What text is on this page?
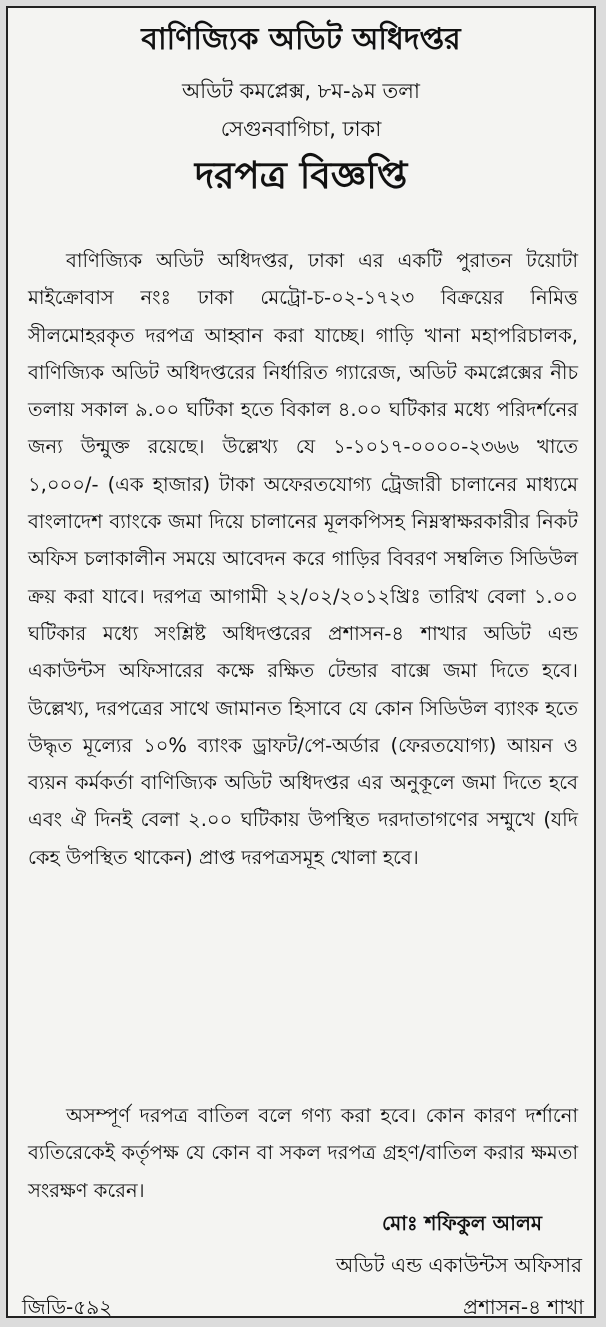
বাণিজ্যিক অডিট অধিদপ্তর
অডিট কমপ্লেক্স, ৮ম-৯ম তলা
সেগুনবাগিচা, ঢাকা
দরপত্র বিজ্ঞপ্তি
বাণিজ্যিক অডিট অধিদপ্তর, ঢাকা এর একটি পুরাতন টয়োটা মাইক্রোবাস নংঃ ঢাকা মেট্রো-চ-০২-১৭২৩ বিক্রয়ের নিমিত্ত সীলমোহরকৃত দরপত্র আহ্বান করা যাচ্ছে। গাড়ি খানা মহাপরিচালক, বাণিজ্যিক অডিট অধিদপ্তরের নির্ধারিত গ্যারেজ, অডিট কমপ্লেক্সের নীচ তলায় সকাল ৯.০০ ঘটিকা হতে বিকাল ৪.০০ ঘটিকার মধ্যে পরিদর্শনের জন্য উন্মুক্ত রয়েছে। উল্লেখ্য যে ১-১০১৭-০০০০-২৩৬৬ খাতে ১,০০০/- (এক হাজার) টাকা অফেরতযোগ্য ট্রেজারী চালানের মাধ্যমে বাংলাদেশ ব্যাংকে জমা দিয়ে চালানের মূলকপিসহ নিম্নস্বাক্ষরকারীর নিকট অফিস চলাকালীন সময়ে আবেদন করে গাড়ির বিবরণ সম্বলিত সিডিউল ক্রয় করা যাবে। দরপত্র আগামী ২২/০২/২০১২খ্রিঃ তারিখ বেলা ১.০০ ঘটিকার মধ্যে সংশ্লিষ্ট অধিদপ্তরের প্রশাসন-৪ শাখার অডিট এন্ড একাউন্টস অফিসারের কক্ষে রক্ষিত টেন্ডার বাক্সে জমা দিতে হবে। উল্লেখ্য, দরপত্রের সাথে জামানত হিসাবে যে কোন সিডিউল ব্যাংক হতে উদ্ধৃত মূল্যের ১০% ব্যাংক ড্রাফট/পে-অর্ডার (ফেরতযোগ্য) আয়ন ও ব্যয়ন কর্মকর্তা বাণিজ্যিক অডিট অধিদপ্তর এর অনুকূলে জমা দিতে হবে এবং ঐ দিনই বেলা ২.০০ ঘটিকায় উপস্থিত দরদাতাগণের সম্মুখে (যদি কেহ উপস্থিত থাকেন) প্রাপ্ত দরপত্রসমূহ খোলা হবে।
অসম্পূর্ণ দরপত্র বাতিল বলে গণ্য করা হবে। কোন কারণ দর্শানো ব্যতিরেকেই কর্তৃপক্ষ যে কোন বা সকল দরপত্র গ্রহণ/বাতিল করার ক্ষমতা সংরক্ষণ করেন।
মোঃ শফিকুল আলম
অডিট এন্ড একাউন্টস অফিসার
জিডি-৫৯২	প্রশাসন-৪ শাখা
